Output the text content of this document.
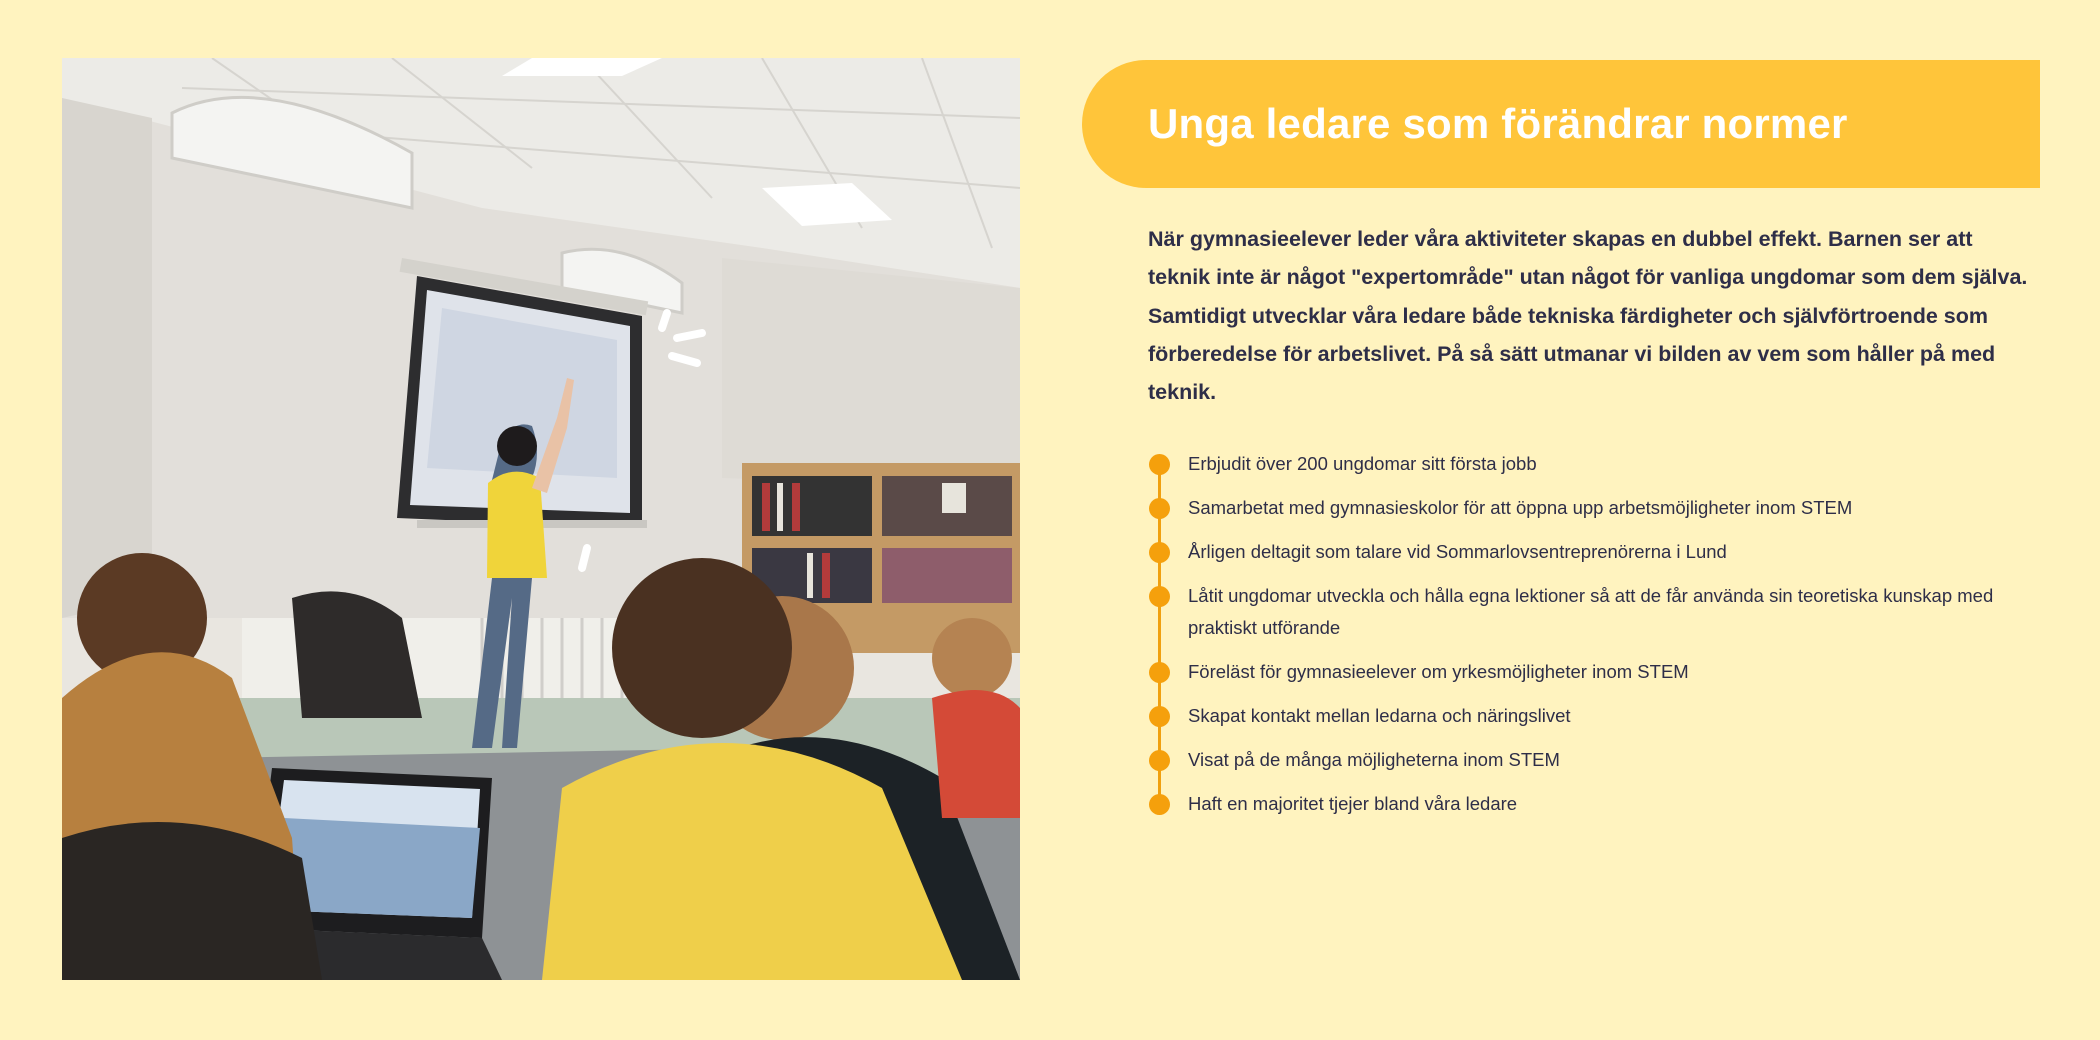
Unga ledare som förändrar normer

När gymnasieelever leder våra aktiviteter skapas en dubbel effekt. Barnen ser att teknik inte är något "expertområde" utan något för vanliga ungdomar som dem själva. Samtidigt utvecklar våra ledare både tekniska färdigheter och självförtroende som förberedelse för arbetslivet. På så sätt utmanar vi bilden av vem som håller på med teknik.

Erbjudit över 200 ungdomar sitt första jobb
Samarbetat med gymnasieskolor för att öppna upp arbetsmöjligheter inom STEM
Årligen deltagit som talare vid Sommarlovsentreprenörerna i Lund
Låtit ungdomar utveckla och hålla egna lektioner så att de får använda sin teoretiska kunskap med praktiskt utförande
Föreläst för gymnasieelever om yrkesmöjligheter inom STEM
Skapat kontakt mellan ledarna och näringslivet
Visat på de många möjligheterna inom STEM
Haft en majoritet tjejer bland våra ledare
